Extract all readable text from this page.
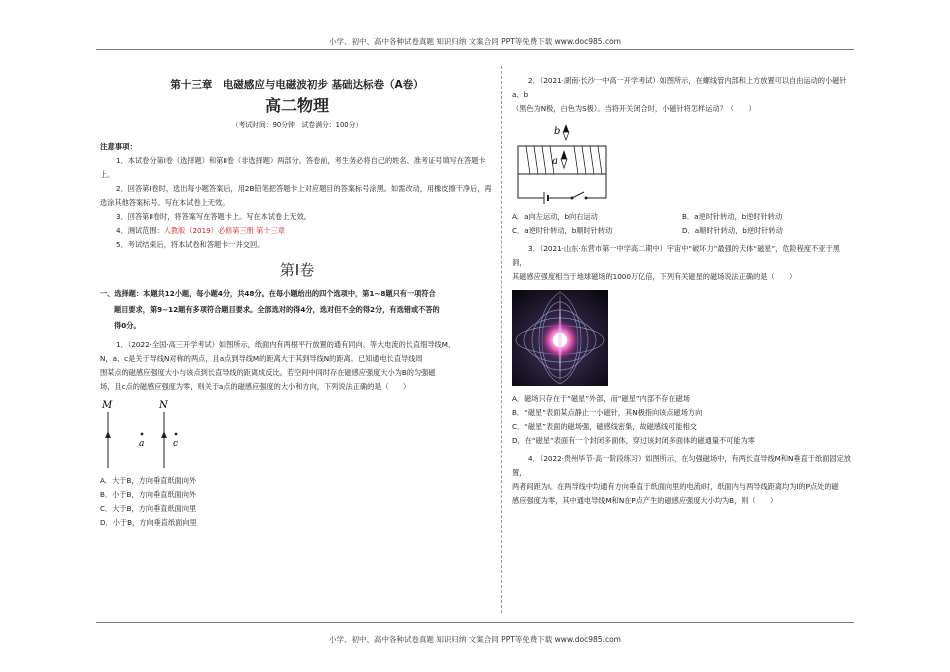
小学、初中、高中各种试卷真题 知识归纳 文案合同 PPT等免费下载 www.doc985.com
小学、初中、高中各种试卷真题 知识归纳 文案合同 PPT等免费下载 www.doc985.com
第十三章　电磁感应与电磁波初步 基础达标卷（A卷）
高二物理
（考试时间：90分钟　试卷满分：100分）
注意事项：
1．本试卷分第Ⅰ卷（选择题）和第Ⅱ卷（非选择题）两部分。答卷前，考生务必将自己的姓名、准考证号填写在答题卡上。
2．回答第Ⅰ卷时，选出每小题答案后，用2B铅笔把答题卡上对应题目的答案标号涂黑。如需改动，用橡皮擦干净后，再选涂其他答案标号。写在本试卷上无效。
3．回答第Ⅱ卷时，将答案写在答题卡上。写在本试卷上无效。
4．测试范围：人教版（2019）必修第三册 第十三章
5．考试结束后，将本试卷和答题卡一并交回。
第Ⅰ卷
一、选择题：本题共12小题，每小题4分，共48分。在每小题给出的四个选项中，第1~8题只有一项符合
题目要求，第9~12题有多项符合题目要求。全部选对的得4分，选对但不全的得2分，有选错或不答的
得0分。
1．（2022·全国·高三开学考试）如图所示，纸面内有两根平行放置的通有同向、等大电流的长直细导线M、
N，a、c是关于导线N对称的两点，且a点到导线M的距离大于其到导线N的距离。已知通电长直导线周
围某点的磁感应强度大小与该点到长直导线的距离成反比。若空间中同时存在磁感应强度大小为B的匀强磁
场，且c点的磁感应强度为零，则关于a点的磁感应强度的大小和方向，下列说法正确的是（　　）
M	N
a	c
A．大于B，方向垂直纸面向外
B．小于B，方向垂直纸面向外
C．大于B，方向垂直纸面向里
D．小于B，方向垂直纸面向里
2．（2021·湖南·长沙一中高一开学考试）如图所示，在螺线管内部和上方放置可以自由运动的小磁针a、b
（黑色为N极，白色为S极）。当将开关闭合时，小磁针将怎样运动？（　　）
b
a
A．a向左运动，b向右运动	B．a逆时针转动，b逆时针转动
C．a逆时针转动，b顺时针转动	D．a顺时针转动，b逆时针转动
3．（2021·山东·东营市第一中学高二期中）宇宙中“破坏力”最强的天体“磁星”，危险程度不亚于黑洞，
其磁感应强度相当于地球磁场的1000万亿倍，下列有关磁星的磁场说法正确的是（　　）
A．磁场只存在于“磁星”外部，而“磁星”内部不存在磁场
B．“磁星”表面某点静止一小磁针，其N极指向该点磁场方向
C．“磁星”表面的磁场强，磁感线密集，故磁感线可能相交
D．在“磁星”表面有一个封闭多面体，穿过该封闭多面体的磁通量不可能为零
4．（2022·贵州毕节·高一阶段练习）如图所示，在匀强磁场中，有两长直导线M和N垂直于纸面固定放置，
两者间距为l。在两导线中均通有方向垂直于纸面向里的电流I时，纸面内与两导线距离均为l的P点处的磁
感应强度为零，其中通电导线M和N在P点产生的磁感应强度大小均为B，则（　　）
